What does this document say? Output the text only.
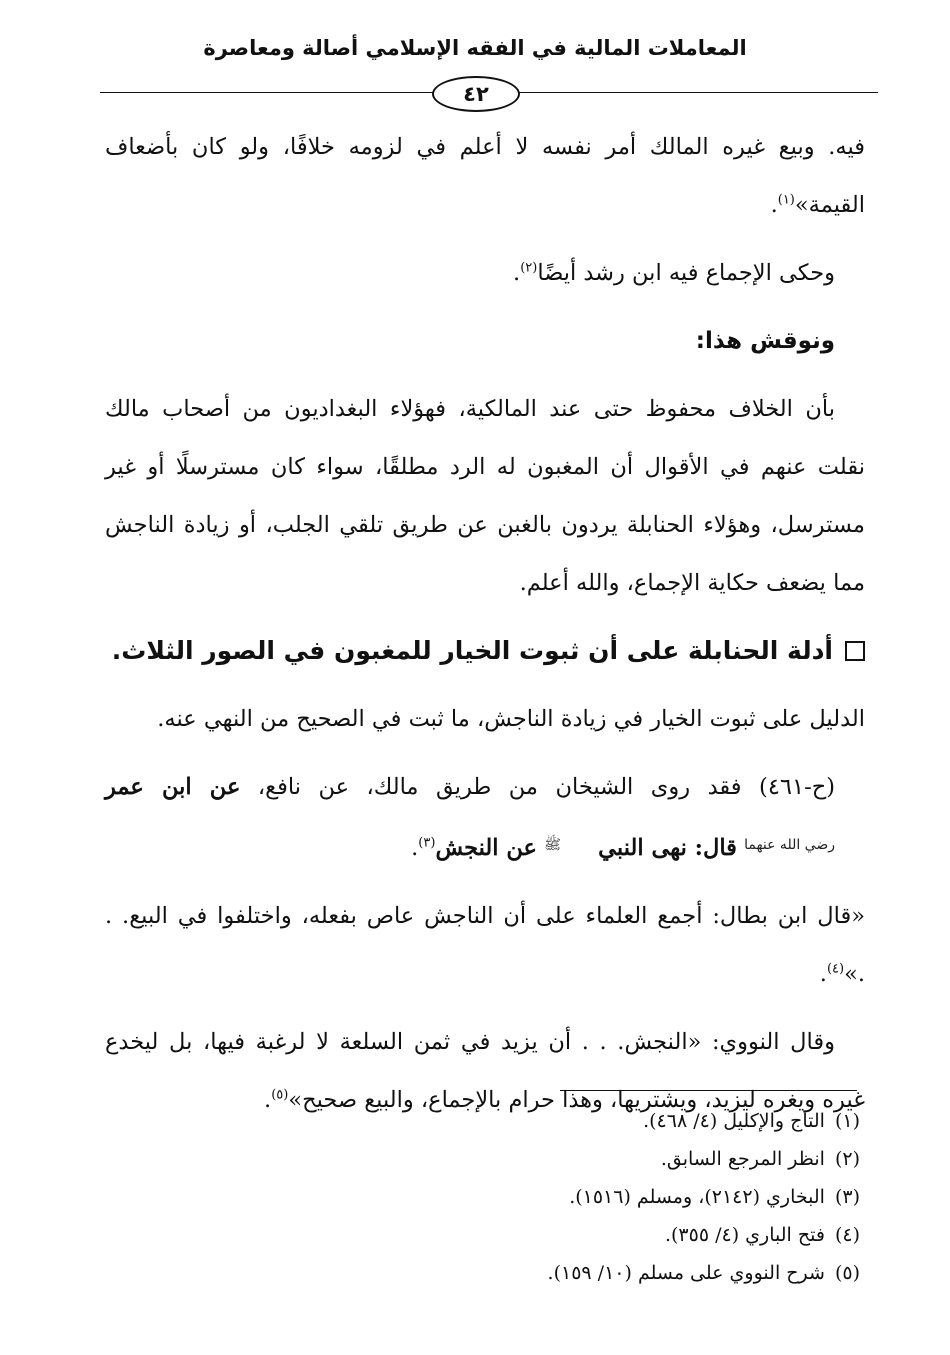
المعاملات المالية في الفقه الإسلامي أصالة ومعاصرة
٤٢

فيه. وبيع غيره المالك أمر نفسه لا أعلم في لزومه خلافًا، ولو كان بأضعاف القيمة»$^{(١)}$.

وحكى الإجماع فيه ابن رشد أيضًا$^{(٢)}$.

ونوقش هذا:

بأن الخلاف محفوظ حتى عند المالكية، فهؤلاء البغداديون من أصحاب مالك نقلت عنهم في الأقوال أن المغبون له الرد مطلقًا، سواء كان مسترسلًا أو غير مسترسل، وهؤلاء الحنابلة يردون بالغبن عن طريق تلقي الجلب، أو زيادة الناجش مما يضعف حكاية الإجماع، والله أعلم.

أدلة الحنابلة على أن ثبوت الخيار للمغبون في الصور الثلاث.

الدليل على ثبوت الخيار في زيادة الناجش، ما ثبت في الصحيح من النهي عنه.

(ح-٤٦١) فقد روى الشيخان من طريق مالك، عن نافع، عن ابن عمر رضي الله عنهما قال: نهى النبي ﷺ عن النجش$^{(٣)}$.

«قال ابن بطال: أجمع العلماء على أن الناجش عاص بفعله، واختلفوا في البيع. . .»$^{(٤)}$.

وقال النووي: «النجش. . . أن يزيد في ثمن السلعة لا لرغبة فيها، بل ليخدع غيره ويغره ليزيد، ويشتريها، وهذا حرام بالإجماع، والبيع صحيح»$^{(٥)}$.

(١)
التاج والإكليل (٤/ ٤٦٨).
(٢)
انظر المرجع السابق.
(٣)
البخاري (٢١٤٢)، ومسلم (١٥١٦).
(٤)
فتح الباري (٤/ ٣٥٥).
(٥)
شرح النووي على مسلم (١٠/ ١٥٩).
